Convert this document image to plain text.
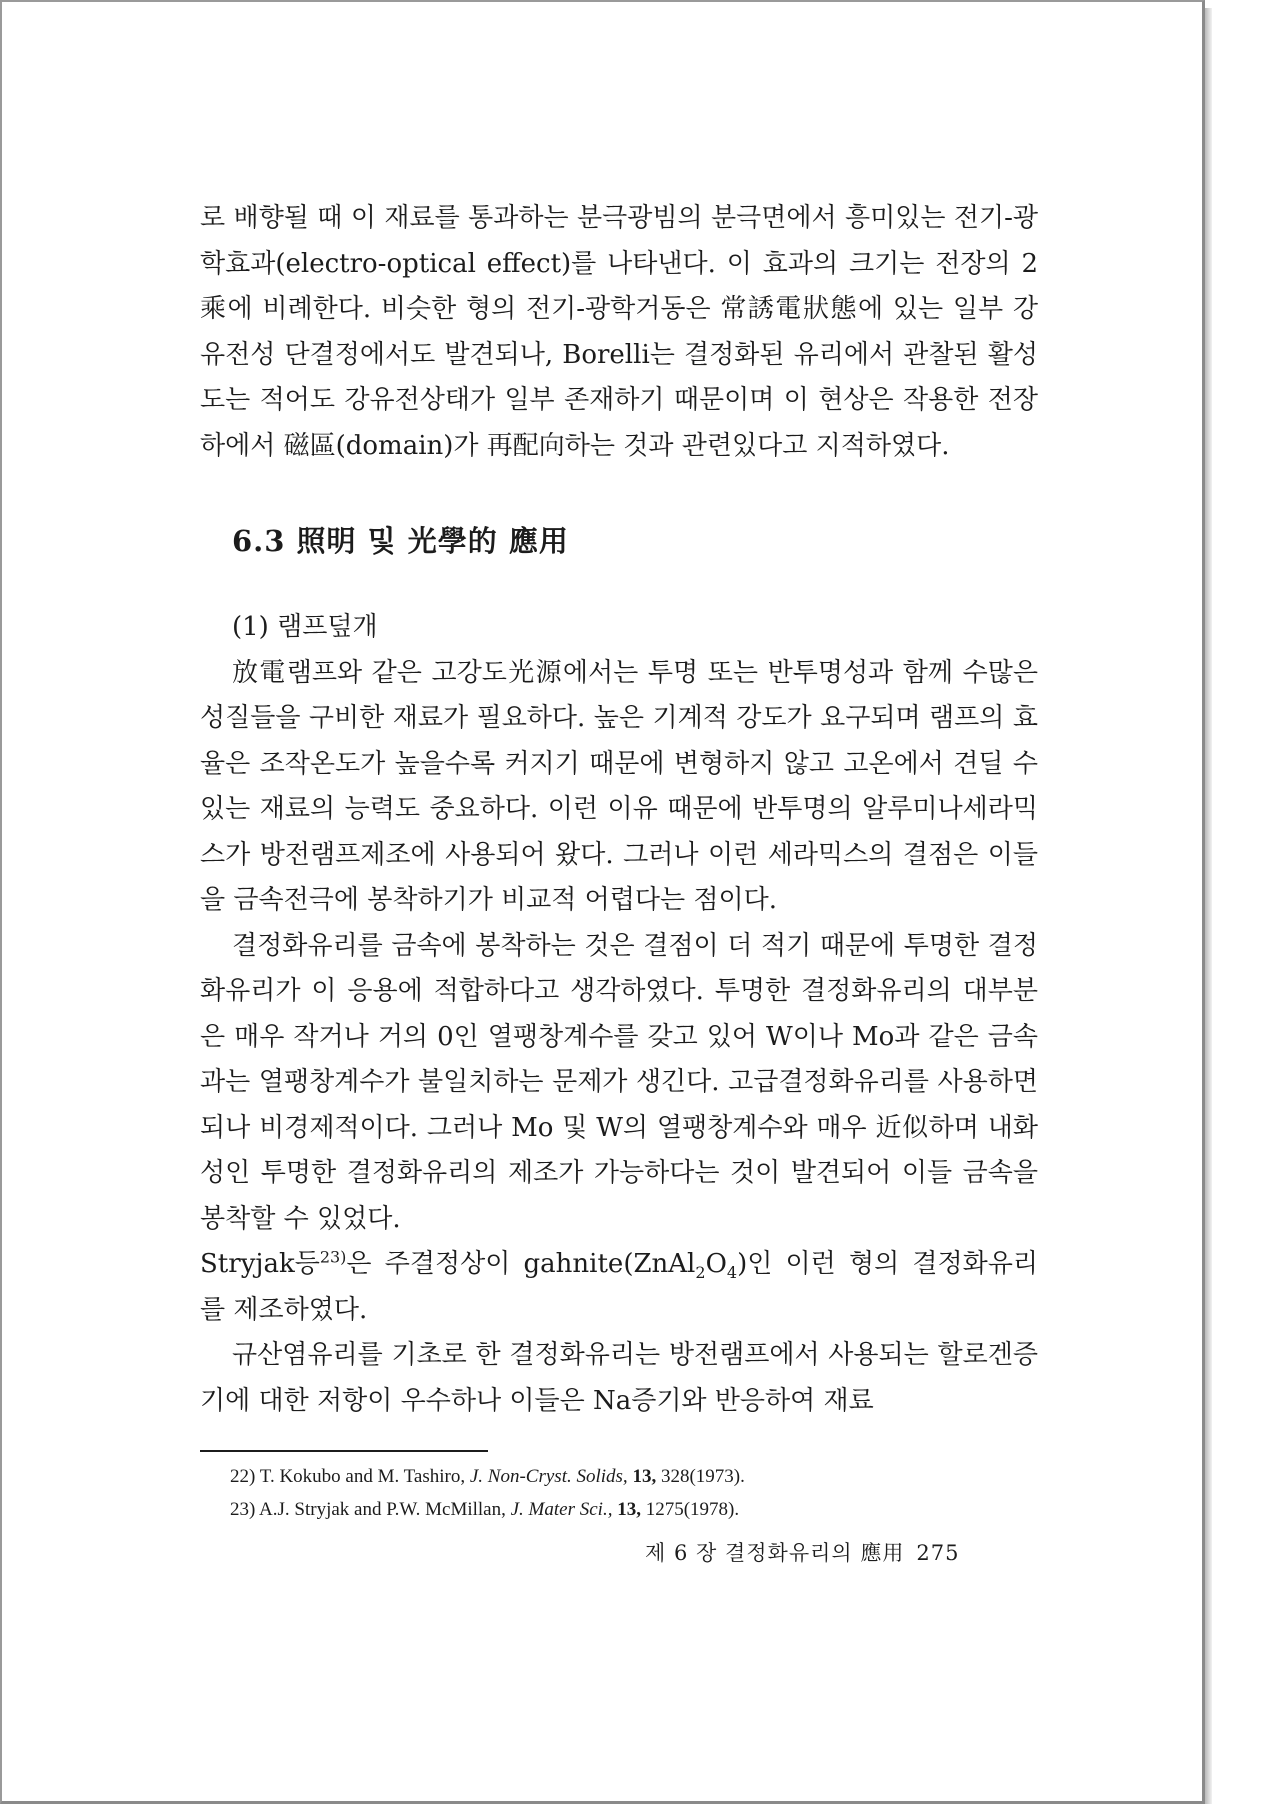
로 배향될 때 이 재료를 통과하는 분극광빔의 분극면에서 흥미있는 전기-광학효과(electro-optical effect)를 나타낸다. 이 효과의 크기는 전장의 2乘에 비례한다. 비슷한 형의 전기-광학거동은 常誘電狀態에 있는 일부 강유전성 단결정에서도 발견되나, Borelli는 결정화된 유리에서 관찰된 활성도는 적어도 강유전상태가 일부 존재하기 때문이며 이 현상은 작용한 전장하에서 磁區(domain)가 再配向하는 것과 관련있다고 지적하였다.

6.3 照明 및 光學的 應用

(1) 램프덮개

放電램프와 같은 고강도光源에서는 투명 또는 반투명성과 함께 수많은 성질들을 구비한 재료가 필요하다. 높은 기계적 강도가 요구되며 램프의 효율은 조작온도가 높을수록 커지기 때문에 변형하지 않고 고온에서 견딜 수 있는 재료의 능력도 중요하다. 이런 이유 때문에 반투명의 알루미나세라믹스가 방전램프제조에 사용되어 왔다. 그러나 이런 세라믹스의 결점은 이들을 금속전극에 봉착하기가 비교적 어렵다는 점이다.

결정화유리를 금속에 봉착하는 것은 결점이 더 적기 때문에 투명한 결정화유리가 이 응용에 적합하다고 생각하였다. 투명한 결정화유리의 대부분은 매우 작거나 거의 0인 열팽창계수를 갖고 있어 W이나 Mo과 같은 금속과는 열팽창계수가 불일치하는 문제가 생긴다. 고급결정화유리를 사용하면 되나 비경제적이다. 그러나 Mo 및 W의 열팽창계수와 매우 近似하며 내화성인 투명한 결정화유리의 제조가 가능하다는 것이 발견되어 이들 금속을 봉착할 수 있었다.

Stryjak등$^{23)}$은 주결정상이 $gahnite(ZnAl_2O_4)$인 이런 형의 결정화유리를 제조하였다.

규산염유리를 기초로 한 결정화유리는 방전램프에서 사용되는 할로겐증기에 대한 저항이 우수하나 이들은 Na증기와 반응하여 재료

22) T. Kokubo and M. Tashiro, J. Non-Cryst. Solids, 13, 328(1973).

23) A.J. Stryjak and P.W. McMillan, J. Mater Sci., 13, 1275(1978).

제 6 장 결정화유리의 應用 275
